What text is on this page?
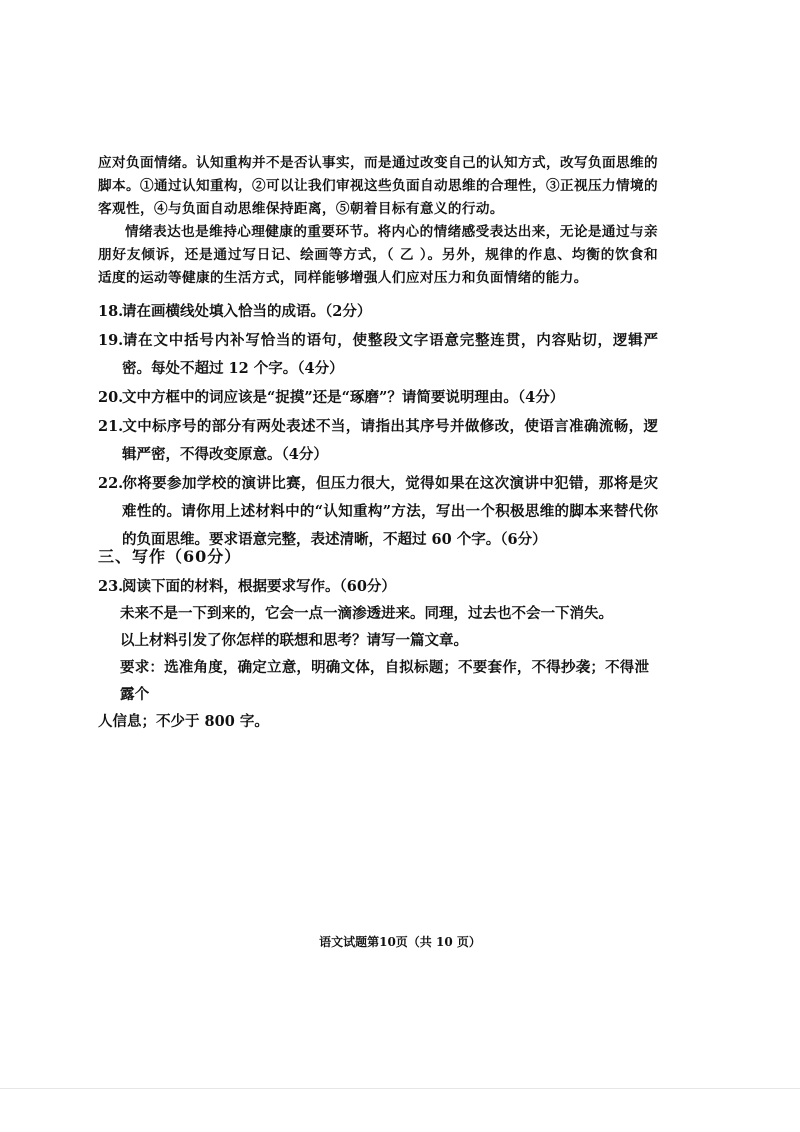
应对负面情绪。认知重构并不是否认事实，而是通过改变自己的认知方式，改写负面思维的

脚本。①通过认知重构，②可以让我们审视这些负面自动思维的合理性，③正视压力情境的

客观性，④与负面自动思维保持距离，⑤朝着目标有意义的行动。

情绪表达也是维持心理健康的重要环节。将内心的情绪感受表达出来，无论是通过与亲

朋好友倾诉，还是通过写日记、绘画等方式，（ 乙 ）。另外，规律的作息、均衡的饮食和

适度的运动等健康的生活方式，同样能够增强人们应对压力和负面情绪的能力。

18.请在画横线处填入恰当的成语。（2分）

19.请在文中括号内补写恰当的语句，使整段文字语意完整连贯，内容贴切，逻辑严密。每处不超过 12 个字。（4分）

20.文中方框中的词应该是“捉摸”还是“琢磨”？请简要说明理由。（4分）

21.文中标序号的部分有两处表述不当，请指出其序号并做修改，使语言准确流畅，逻辑严密，不得改变原意。（4分）

22.你将要参加学校的演讲比赛，但压力很大，觉得如果在这次演讲中犯错，那将是灾难性的。请你用上述材料中的“认知重构”方法，写出一个积极思维的脚本来替代你的负面思维。要求语意完整，表述清晰，不超过 60 个字。（6分）

三、写作（60分）

23.阅读下面的材料，根据要求写作。（60分）

未来不是一下到来的，它会一点一滴渗透进来。同理，过去也不会一下消失。

以上材料引发了你怎样的联想和思考？请写一篇文章。

要求：选准角度，确定立意，明确文体，自拟标题；不要套作，不得抄袭；不得泄露个

人信息；不少于 800 字。

语文试题第10页（共 10 页）
